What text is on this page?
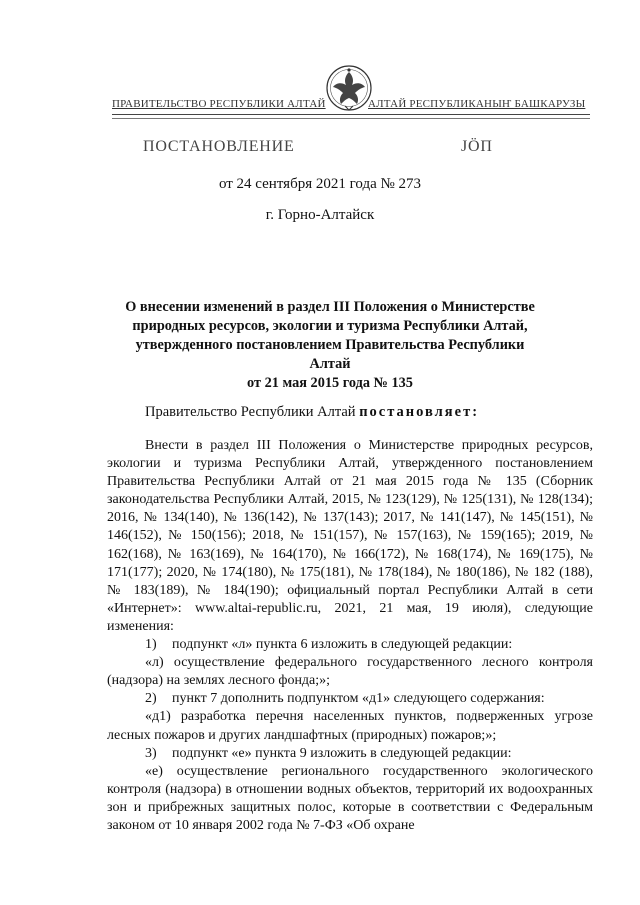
ПРАВИТЕЛЬСТВО РЕСПУБЛИКИ АЛТАЙ	АЛТАЙ РЕСПУБЛИКАНЫҤ БАШКАРУЗЫ
ПОСТАНОВЛЕНИЕ	ЈӦП
от 24 сентября 2021 года № 273
г. Горно-Алтайск
О внесении изменений в раздел III Положения о Министерстве
природных ресурсов, экологии и туризма Республики Алтай,
утвержденного постановлением Правительства Республики Алтай
от 21 мая 2015 года № 135
Правительство Республики Алтай постановляет:

Внести в раздел III Положения о Министерстве природных ресурсов, экологии и туризма Республики Алтай, утвержденного постановлением Правительства Республики Алтай от 21 мая 2015 года № 135 (Сборник законодательства Республики Алтай, 2015, № 123(129), № 125(131), № 128(134); 2016, № 134(140), № 136(142), № 137(143); 2017, № 141(147), № 145(151), № 146(152), № 150(156); 2018, № 151(157), № 157(163), № 159(165); 2019, № 162(168), № 163(169), № 164(170), № 166(172), № 168(174), № 169(175), № 171(177); 2020, № 174(180), № 175(181), № 178(184), № 180(186), № 182 (188), № 183(189), № 184(190); официальный портал Республики Алтай в сети «Интернет»: www.altai-republic.ru, 2021, 21 мая, 19 июля), следующие изменения:

1) подпункт «л» пункта 6 изложить в следующей редакции:

«л) осуществление федерального государственного лесного контроля (надзора) на землях лесного фонда;»;

2) пункт 7 дополнить подпунктом «д1» следующего содержания:

«д1) разработка перечня населенных пунктов, подверженных угрозе лесных пожаров и других ландшафтных (природных) пожаров;»;

3) подпункт «е» пункта 9 изложить в следующей редакции:

«е) осуществление регионального государственного экологического контроля (надзора) в отношении водных объектов, территорий их водоохранных зон и прибрежных защитных полос, которые в соответствии с Федеральным законом от 10 января 2002 года № 7-ФЗ «Об охране
